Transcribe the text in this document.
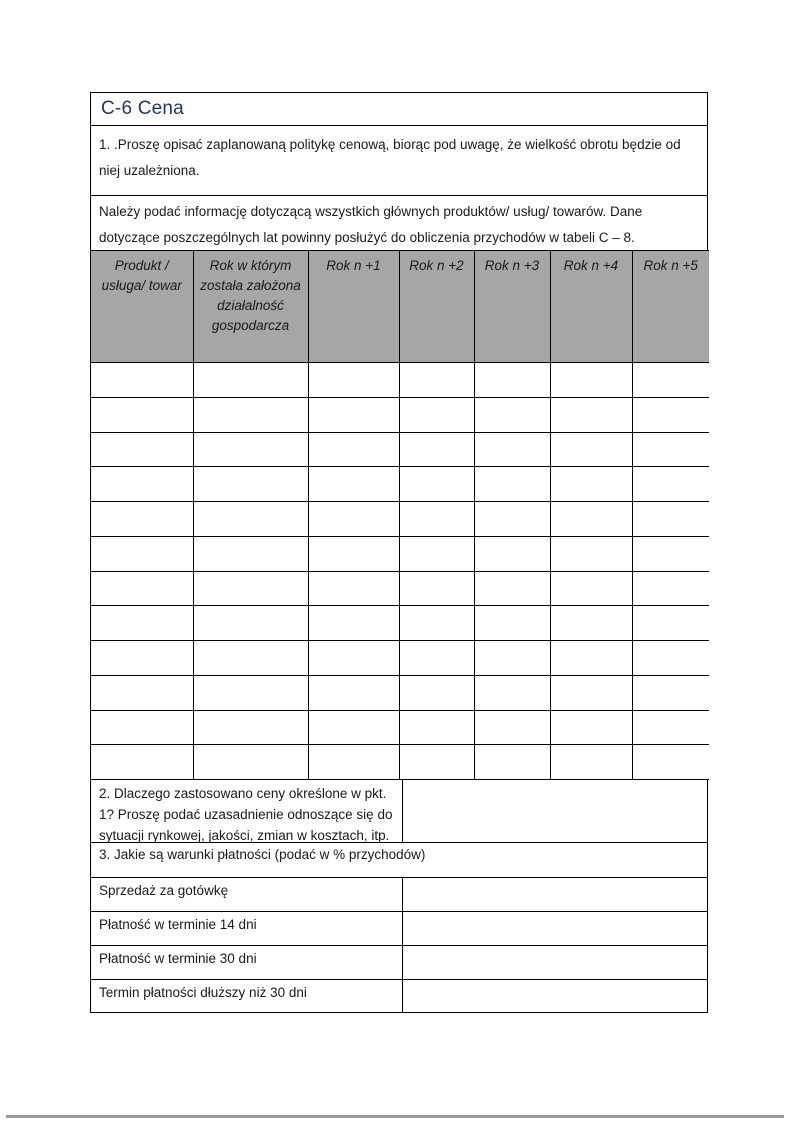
C-6 Cena
1. .Proszę opisać zaplanowaną politykę cenową, biorąc pod uwagę, że wielkość obrotu będzie od niej uzależniona.
Należy podać informację dotyczącą wszystkich głównych produktów/ usług/ towarów. Dane dotyczące poszczególnych lat powinny posłużyć do obliczenia przychodów w tabeli C – 8.
Produkt / usługa/ towar	Rok w którym została założona działalność gospodarcza	Rok n +1	Rok n +2	Rok n +3	Rok n +4	Rok n +5

2. Dlaczego zastosowano ceny określone w pkt. 1? Proszę podać uzasadnienie odnoszące się do sytuacji rynkowej, jakości, zmian w kosztach, itp.
3. Jakie są warunki płatności (podać w % przychodów)
Sprzedaż za gotówkę
Płatność w terminie 14 dni
Płatność w terminie 30 dni
Termin płatności dłuższy niż 30 dni
